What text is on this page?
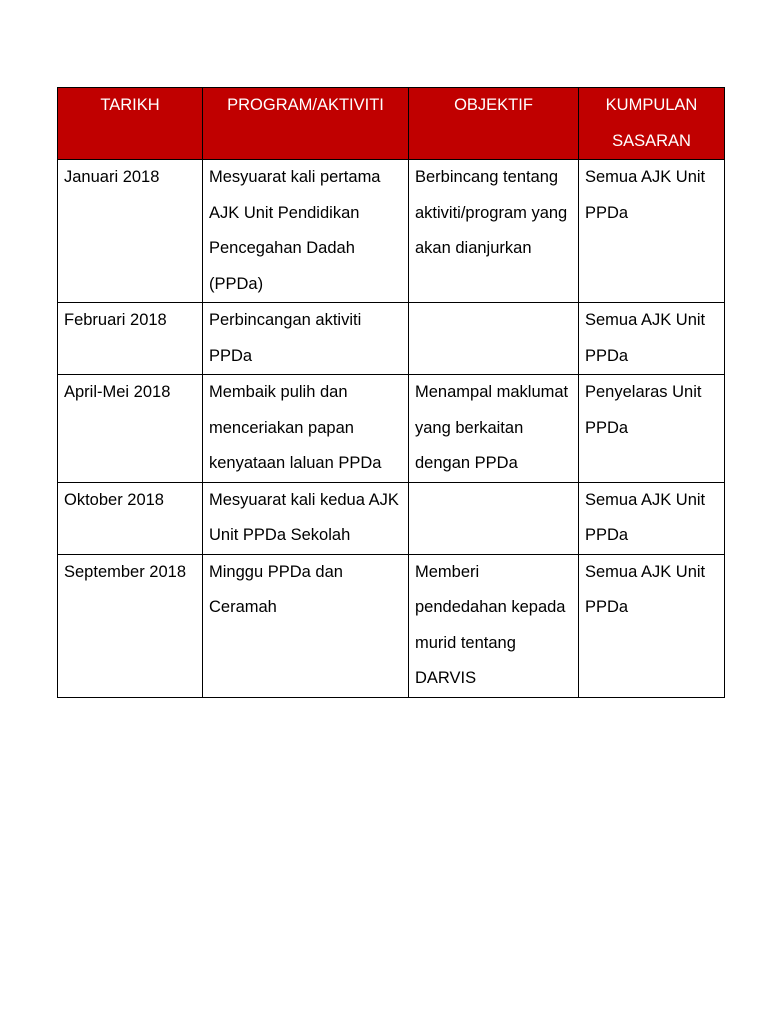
TARIKH	PROGRAM/AKTIVITI	OBJEKTIF	KUMPULAN SASARAN
Januari 2018	Mesyuarat kali pertama AJK Unit Pendidikan Pencegahan Dadah (PPDa)	Berbincang tentang aktiviti/program yang akan dianjurkan	Semua AJK Unit PPDa
Februari 2018	Perbincangan aktiviti PPDa		Semua AJK Unit PPDa
April-Mei 2018	Membaik pulih dan menceriakan papan kenyataan laluan PPDa	Menampal maklumat yang berkaitan dengan PPDa	Penyelaras Unit PPDa
Oktober 2018	Mesyuarat kali kedua AJK Unit PPDa Sekolah		Semua AJK Unit PPDa
September 2018	Minggu PPDa dan Ceramah	Memberi pendedahan kepada murid tentang DARVIS	Semua AJK Unit PPDa
